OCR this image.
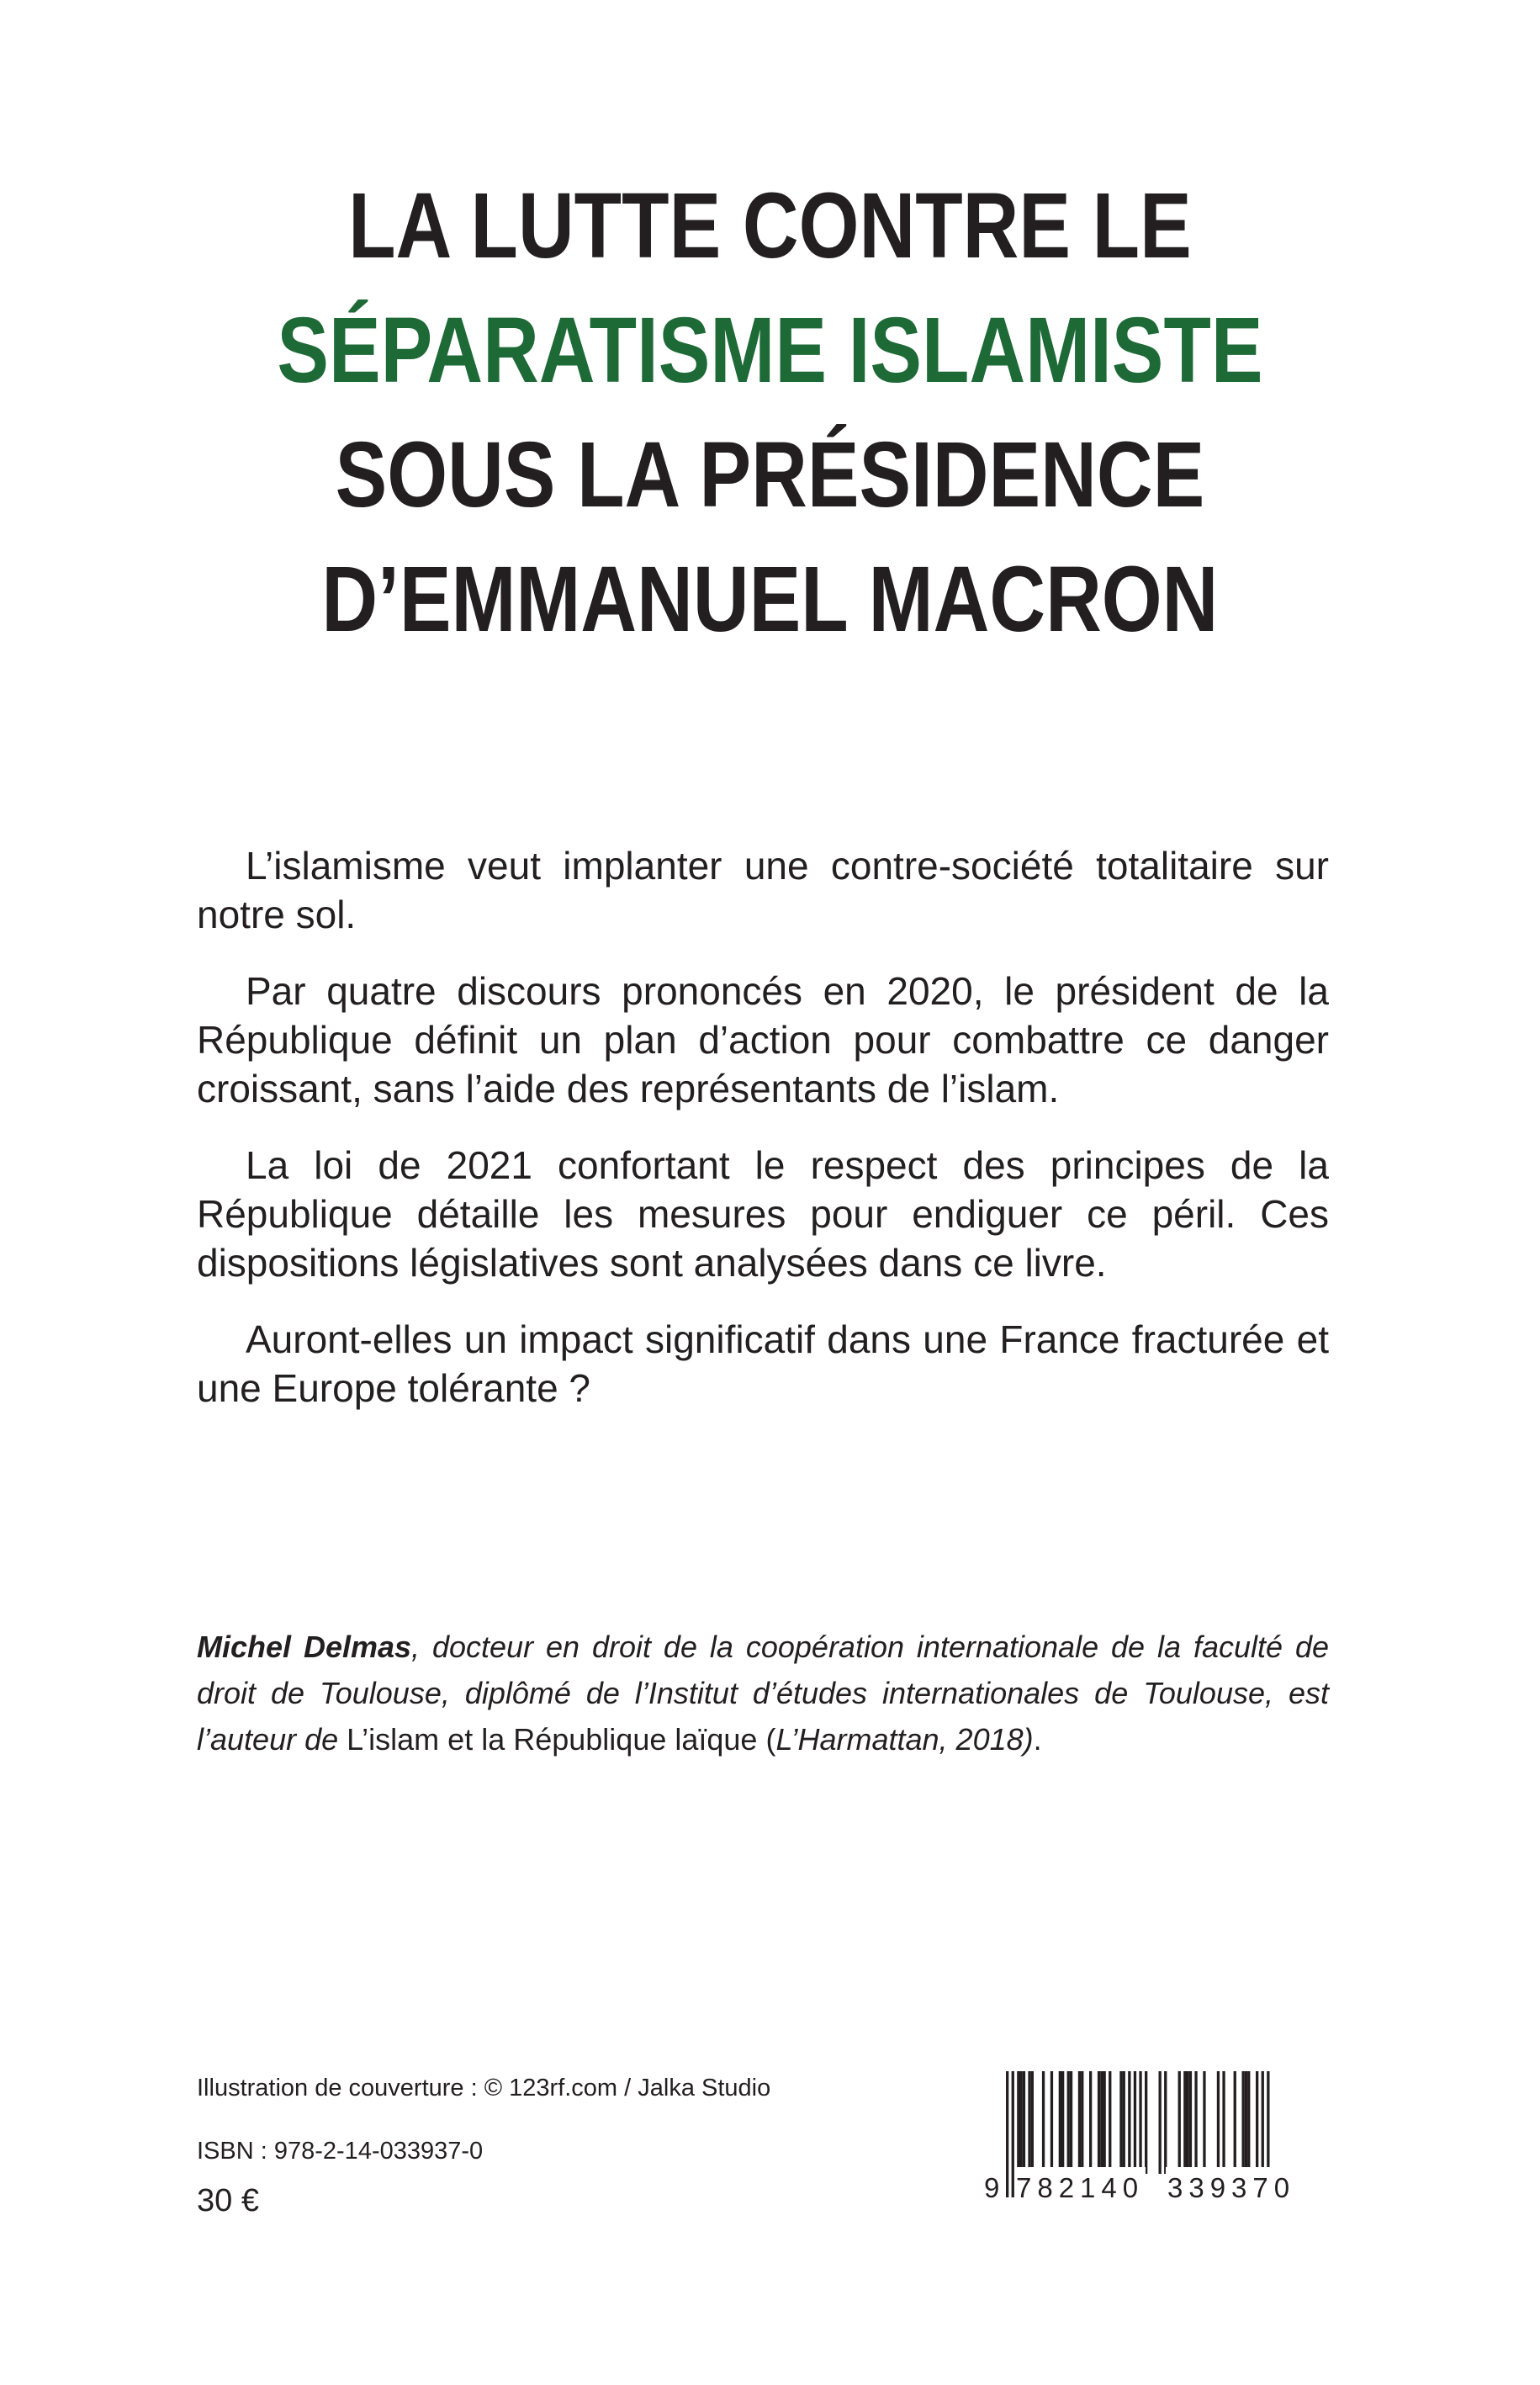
LA LUTTE CONTRE LE
SÉPARATISME ISLAMISTE
SOUS LA PRÉSIDENCE
D’EMMANUEL MACRON

L’islamisme veut implanter une contre-société totalitaire sur notre sol.

Par quatre discours prononcés en 2020, le président de la République définit un plan d’action pour combattre ce danger croissant, sans l’aide des représentants de l’islam.

La loi de 2021 confortant le respect des principes de la République détaille les mesures pour endiguer ce péril. Ces dispositions législatives sont analysées dans ce livre.

Auront-elles un impact significatif dans une France fracturée et une Europe tolérante ?

Michel Delmas, docteur en droit de la coopération internationale de la faculté de droit de Toulouse, diplômé de l’Institut d’études internationales de Toulouse, est l’auteur de L’islam et la République laïque (L’Harmattan, 2018).

Illustration de couverture : © 123rf.com / Jalka Studio
ISBN : 978-2-14-033937-0
30 €	9 782140 339370
